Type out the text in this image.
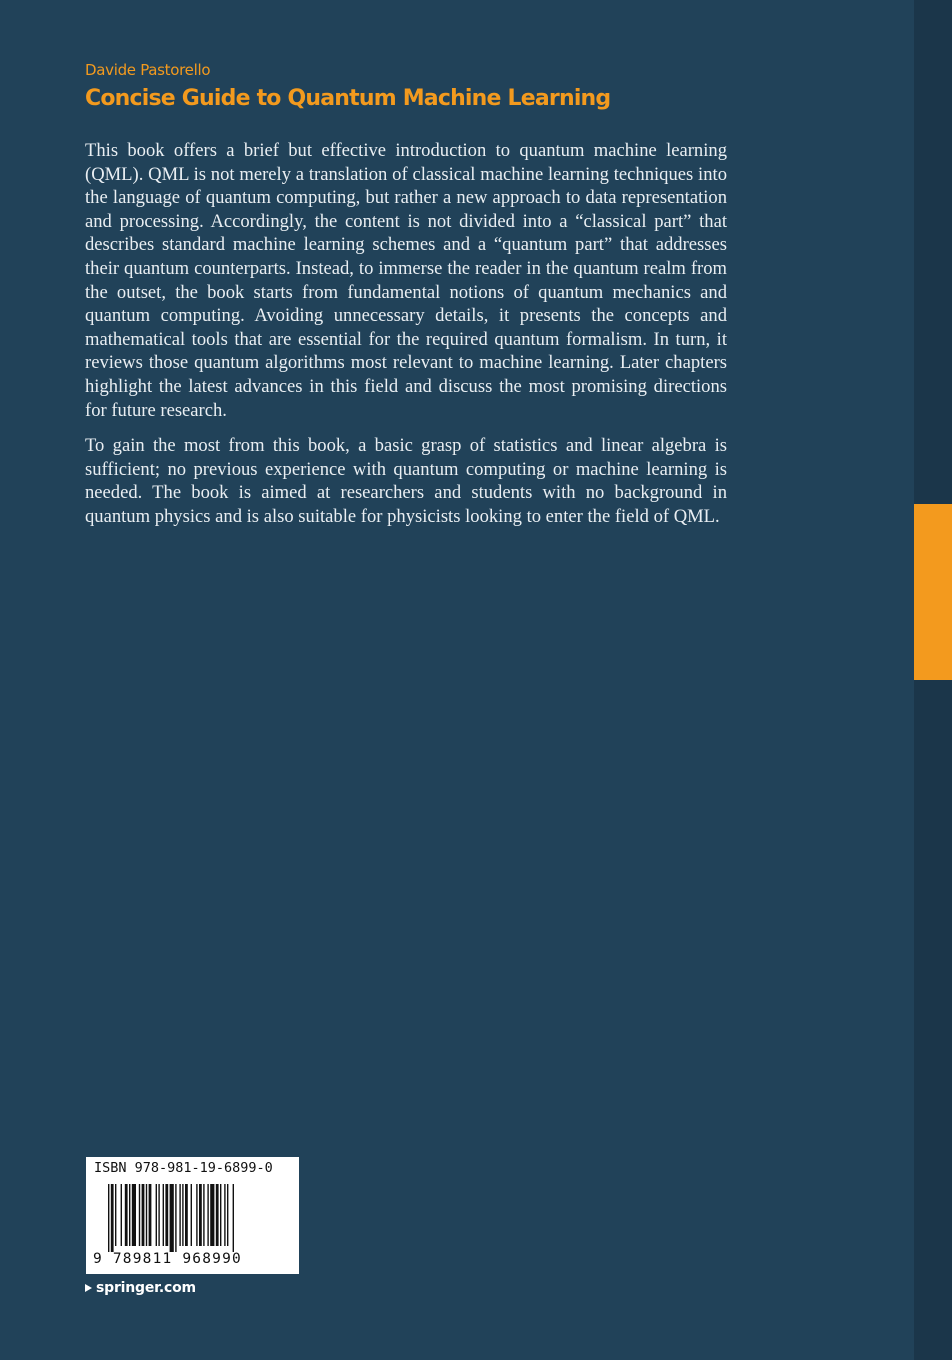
Davide Pastorello
Concise Guide to Quantum Machine Learning

This book offers a brief but effective introduction to quantum machine learning (QML). QML is not merely a translation of classical machine learning techniques into the language of quantum computing, but rather a new approach to data representation and processing. Accordingly, the content is not divided into a “classical part” that describes standard machine learning schemes and a “quantum part” that addresses their quantum counterparts. Instead, to immerse the reader in the quantum realm from the outset, the book starts from fundamental notions of quantum mechanics and quantum computing. Avoiding unnecessary details, it presents the concepts and mathematical tools that are essential for the required quantum formalism. In turn, it reviews those quantum algorithms most relevant to machine learning. Later chapters highlight the latest advances in this field and discuss the most promising directions for future research.

To gain the most from this book, a basic grasp of statistics and linear algebra is sufficient; no previous experience with quantum computing or machine learning is needed. The book is aimed at researchers and students with no background in quantum physics and is also suitable for physicists looking to enter the field of QML.

ISBN 978-981-19-6899-0
9 789811 968990
springer.com
